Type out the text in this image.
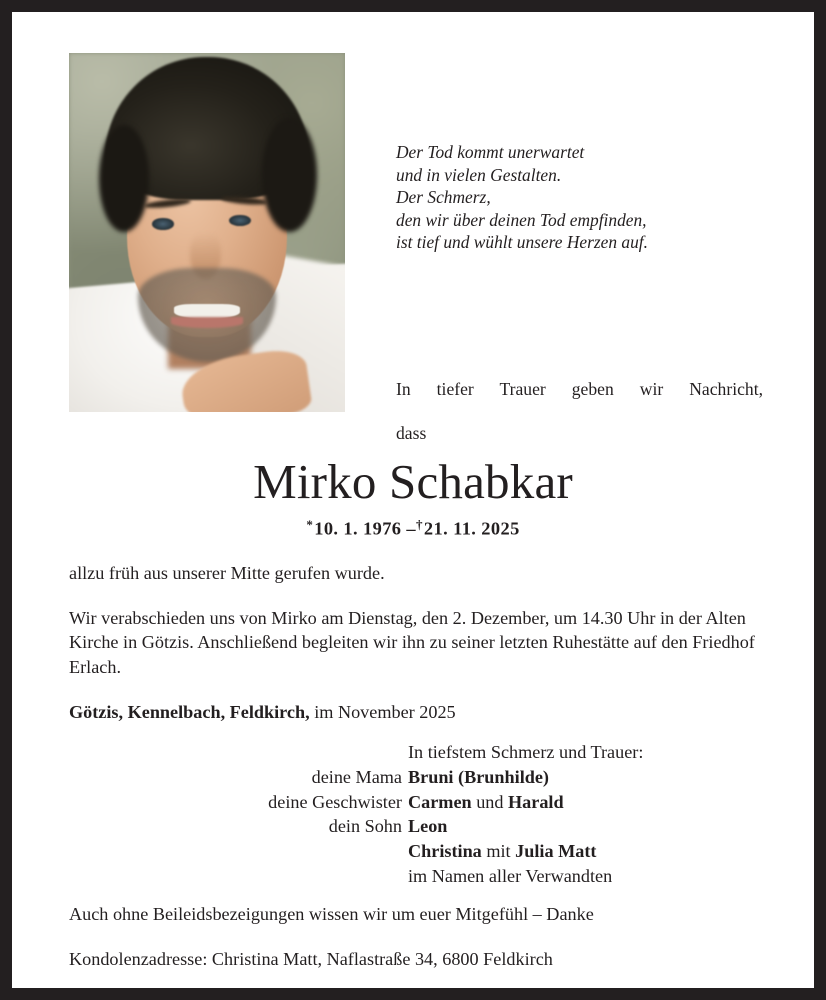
Der Tod kommt unerwartet
und in vielen Gestalten.
Der Schmerz,
den wir über deinen Tod empfinden,
ist tief und wühlt unsere Herzen auf.
In tiefer Trauer geben wir Nachricht,
dass
Mirko Schabkar
*10. 1. 1976 –†21. 11. 2025

allzu früh aus unserer Mitte gerufen wurde.

Wir verabschieden uns von Mirko am Dienstag, den 2. Dezember, um 14.30 Uhr in der Alten Kirche in Götzis. Anschließend begleiten wir ihn zu seiner letzten Ruhestätte auf den Friedhof Erlach.

Götzis, Kennelbach, Feldkirch, im November 2025

In tiefstem Schmerz und Trauer:
deine Mama Bruni (Brunhilde)
deine Geschwister Carmen und Harald
dein Sohn Leon
Christina mit Julia Matt
im Namen aller Verwandten
Auch ohne Beileidsbezeigungen wissen wir um euer Mitgefühl – Danke
Kondolenzadresse: Christina Matt, Naflastraße 34, 6800 Feldkirch
